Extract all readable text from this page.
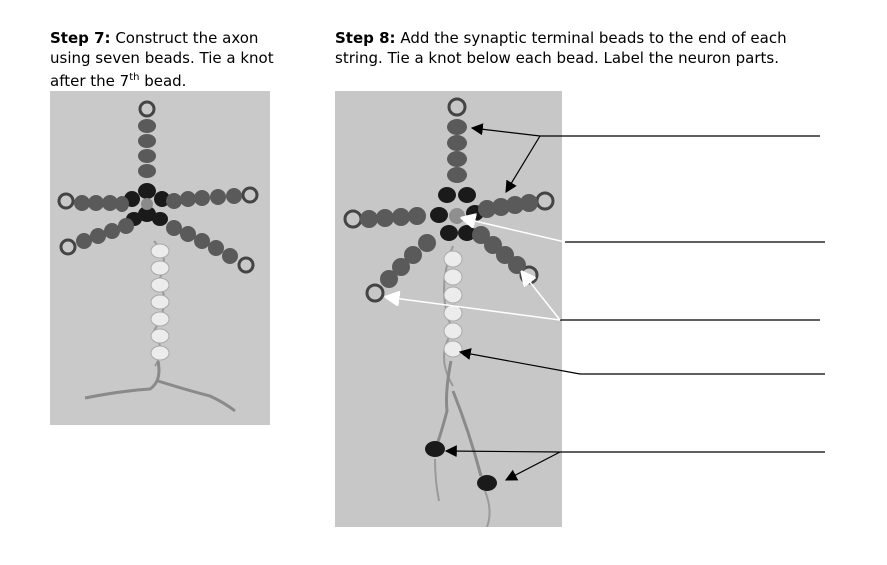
Step 7: Construct the axon using seven beads. Tie a knot after the 7th bead.
Step 8: Add the synaptic terminal beads to the end of each string. Tie a knot below each bead. Label the neuron parts.
